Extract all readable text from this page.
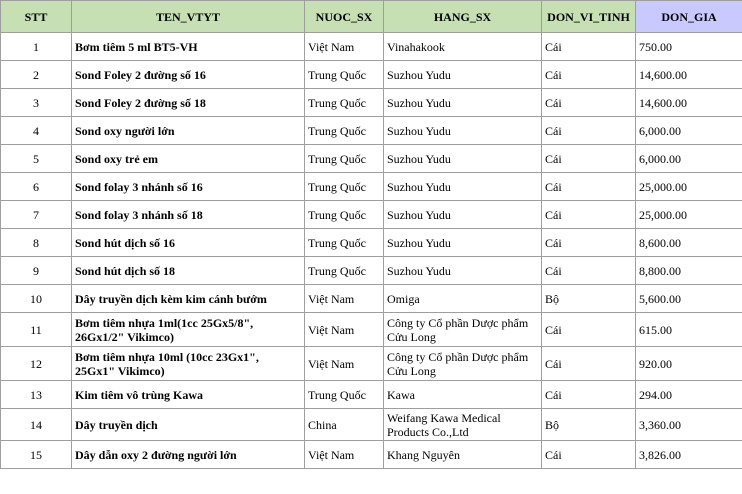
STT	TEN_VTYT	NUOC_SX	HANG_SX	DON_VI_TINH	DON_GIA
1	Bơm tiêm 5 ml BT5-VH	Việt Nam	Vinahakook	Cái	750.00
2	Sond Foley 2 đường số 16	Trung Quốc	Suzhou Yudu	Cái	14,600.00
3	Sond Foley 2 đường số 18	Trung Quốc	Suzhou Yudu	Cái	14,600.00
4	Sond oxy người lớn	Trung Quốc	Suzhou Yudu	Cái	6,000.00
5	Sond oxy trẻ em	Trung Quốc	Suzhou Yudu	Cái	6,000.00
6	Sond folay 3 nhánh số 16	Trung Quốc	Suzhou Yudu	Cái	25,000.00
7	Sond folay 3 nhánh số 18	Trung Quốc	Suzhou Yudu	Cái	25,000.00
8	Sond hút dịch số 16	Trung Quốc	Suzhou Yudu	Cái	8,600.00
9	Sond hút dịch số 18	Trung Quốc	Suzhou Yudu	Cái	8,800.00
10	Dây truyền dịch kèm kim cánh bướm	Việt Nam	Omiga	Bộ	5,600.00
11	Bơm tiêm nhựa 1ml(1cc 25Gx5/8", 26Gx1/2" Vikimco)	Việt Nam	Công ty Cổ phần Dược phẩm Cửu Long	Cái	615.00
12	Bơm tiêm nhựa 10ml (10cc 23Gx1", 25Gx1" Vikimco)	Việt Nam	Công ty Cổ phần Dược phẩm Cửu Long	Cái	920.00
13	Kim tiêm vô trùng Kawa	Trung Quốc	Kawa	Cái	294.00
14	Dây truyền dịch	China	Weifang Kawa Medical Products Co.,Ltd	Bộ	3,360.00
15	Dây dẫn oxy 2 đường người lớn	Việt Nam	Khang Nguyên	Cái	3,826.00
